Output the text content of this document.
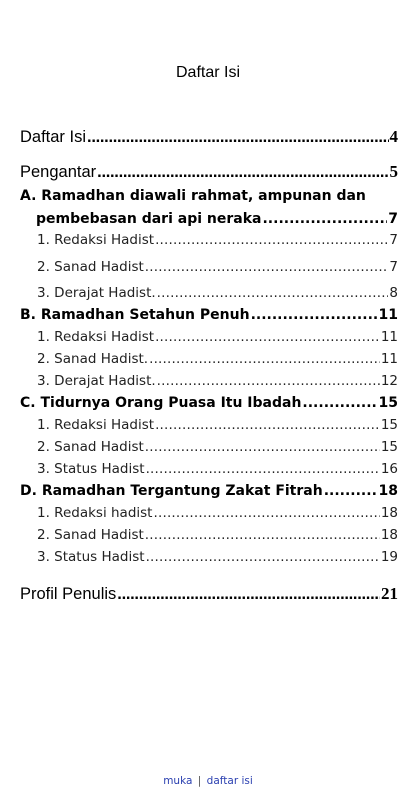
Daftar Isi
Daftar Isi .....	4
Pengantar .....	5
A. Ramadhan diawali rahmat, ampunan dan
pembebasan dari api neraka .....	7
1. Redaksi Hadist .....	7
2. Sanad Hadist .....	7
3. Derajat Hadist. .....	8
B. Ramadhan Setahun Penuh .....	11
1. Redaksi Hadist .....	11
2. Sanad Hadist. .....	11
3. Derajat Hadist. .....	12
C. Tidurnya Orang Puasa Itu Ibadah .....	15
1. Redaksi Hadist .....	15
2. Sanad Hadist .....	15
3. Status Hadist .....	16
D. Ramadhan Tergantung Zakat Fitrah .....	18
1. Redaksi hadist .....	18
2. Sanad Hadist .....	18
3. Status Hadist .....	19
Profil Penulis .....	21
muka | daftar isi
